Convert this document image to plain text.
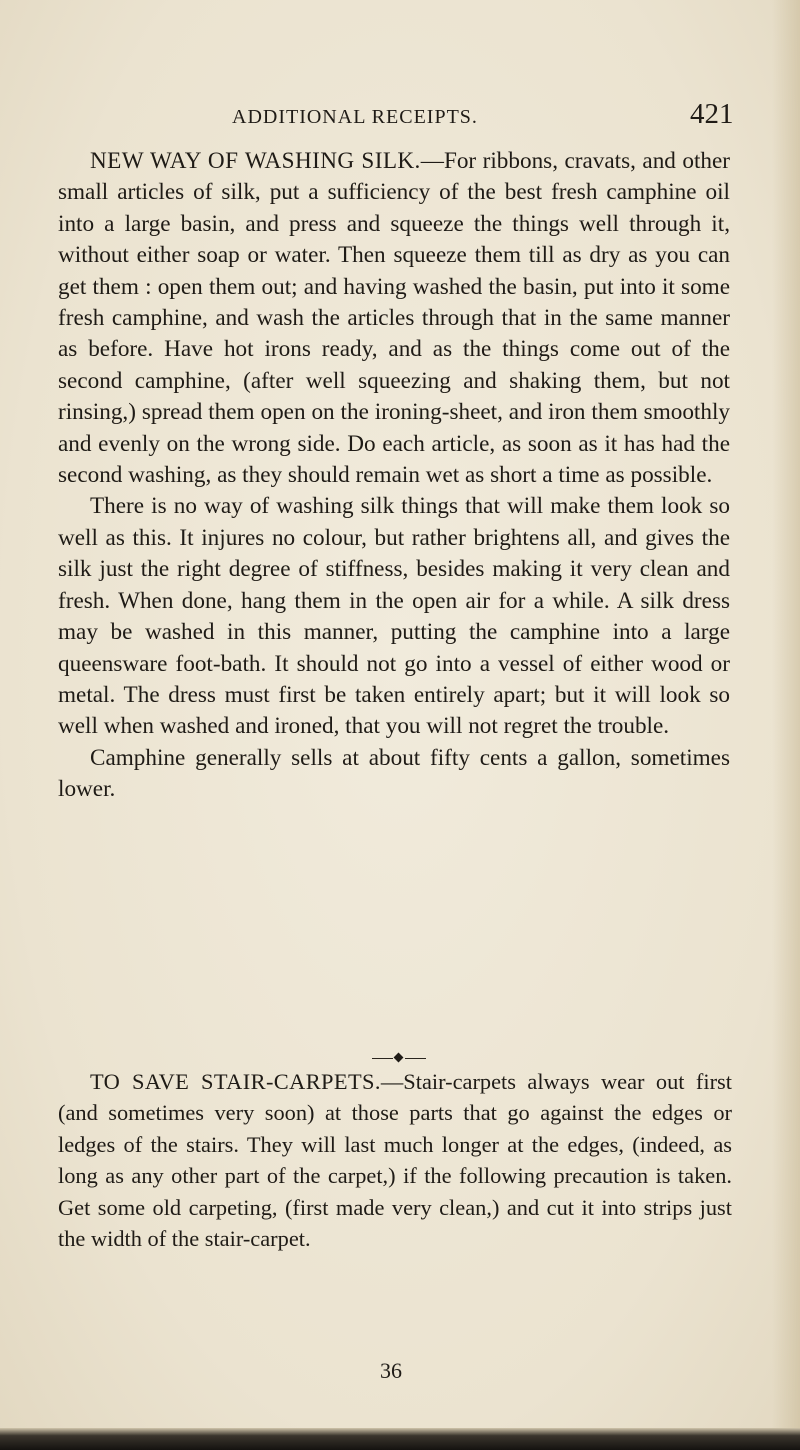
ADDITIONAL RECEIPTS.	421

NEW WAY OF WASHING SILK.—For ribbons, cravats, and other small articles of silk, put a sufficiency of the best fresh camphine oil into a large basin, and press and squeeze the things well through it, without either soap or water. Then squeeze them till as dry as you can get them : open them out; and having washed the basin, put into it some fresh camphine, and wash the articles through that in the same manner as before. Have hot irons ready, and as the things come out of the second camphine, (after well squeezing and shaking them, but not rinsing,) spread them open on the ironing-sheet, and iron them smoothly and evenly on the wrong side. Do each article, as soon as it has had the second washing, as they should remain wet as short a time as possible.

There is no way of washing silk things that will make them look so well as this. It injures no colour, but rather brightens all, and gives the silk just the right degree of stiffness, besides making it very clean and fresh. When done, hang them in the open air for a while. A silk dress may be washed in this manner, putting the camphine into a large queensware foot-bath. It should not go into a vessel of either wood or metal. The dress must first be taken entirely apart; but it will look so well when washed and ironed, that you will not regret the trouble.

Camphine generally sells at about fifty cents a gallon, sometimes lower.

TO SAVE STAIR-CARPETS.—Stair-carpets always wear out first (and sometimes very soon) at those parts that go against the edges or ledges of the stairs. They will last much longer at the edges, (indeed, as long as any other part of the carpet,) if the following precaution is taken. Get some old carpeting, (first made very clean,) and cut it into strips just the width of the stair-carpet.

36
